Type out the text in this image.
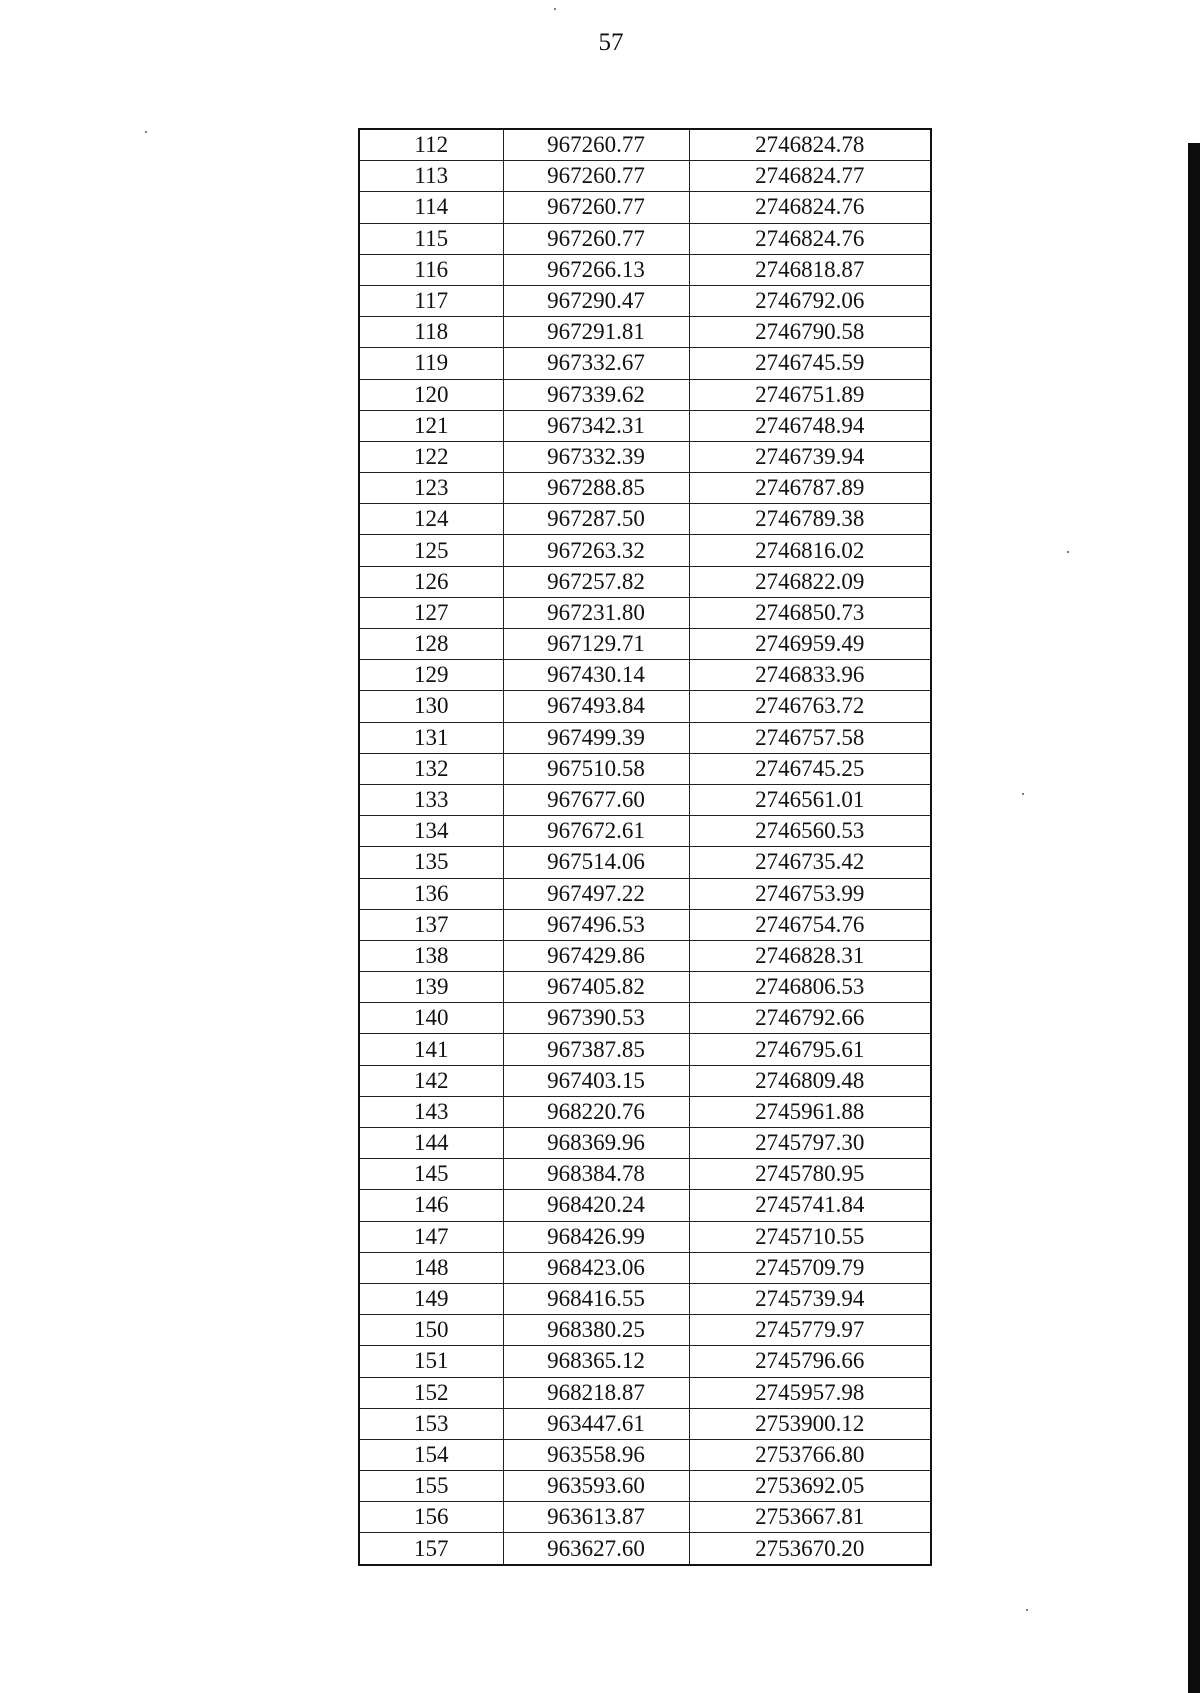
57
112	967260.77	2746824.78
113	967260.77	2746824.77
114	967260.77	2746824.76
115	967260.77	2746824.76
116	967266.13	2746818.87
117	967290.47	2746792.06
118	967291.81	2746790.58
119	967332.67	2746745.59
120	967339.62	2746751.89
121	967342.31	2746748.94
122	967332.39	2746739.94
123	967288.85	2746787.89
124	967287.50	2746789.38
125	967263.32	2746816.02
126	967257.82	2746822.09
127	967231.80	2746850.73
128	967129.71	2746959.49
129	967430.14	2746833.96
130	967493.84	2746763.72
131	967499.39	2746757.58
132	967510.58	2746745.25
133	967677.60	2746561.01
134	967672.61	2746560.53
135	967514.06	2746735.42
136	967497.22	2746753.99
137	967496.53	2746754.76
138	967429.86	2746828.31
139	967405.82	2746806.53
140	967390.53	2746792.66
141	967387.85	2746795.61
142	967403.15	2746809.48
143	968220.76	2745961.88
144	968369.96	2745797.30
145	968384.78	2745780.95
146	968420.24	2745741.84
147	968426.99	2745710.55
148	968423.06	2745709.79
149	968416.55	2745739.94
150	968380.25	2745779.97
151	968365.12	2745796.66
152	968218.87	2745957.98
153	963447.61	2753900.12
154	963558.96	2753766.80
155	963593.60	2753692.05
156	963613.87	2753667.81
157	963627.60	2753670.20
